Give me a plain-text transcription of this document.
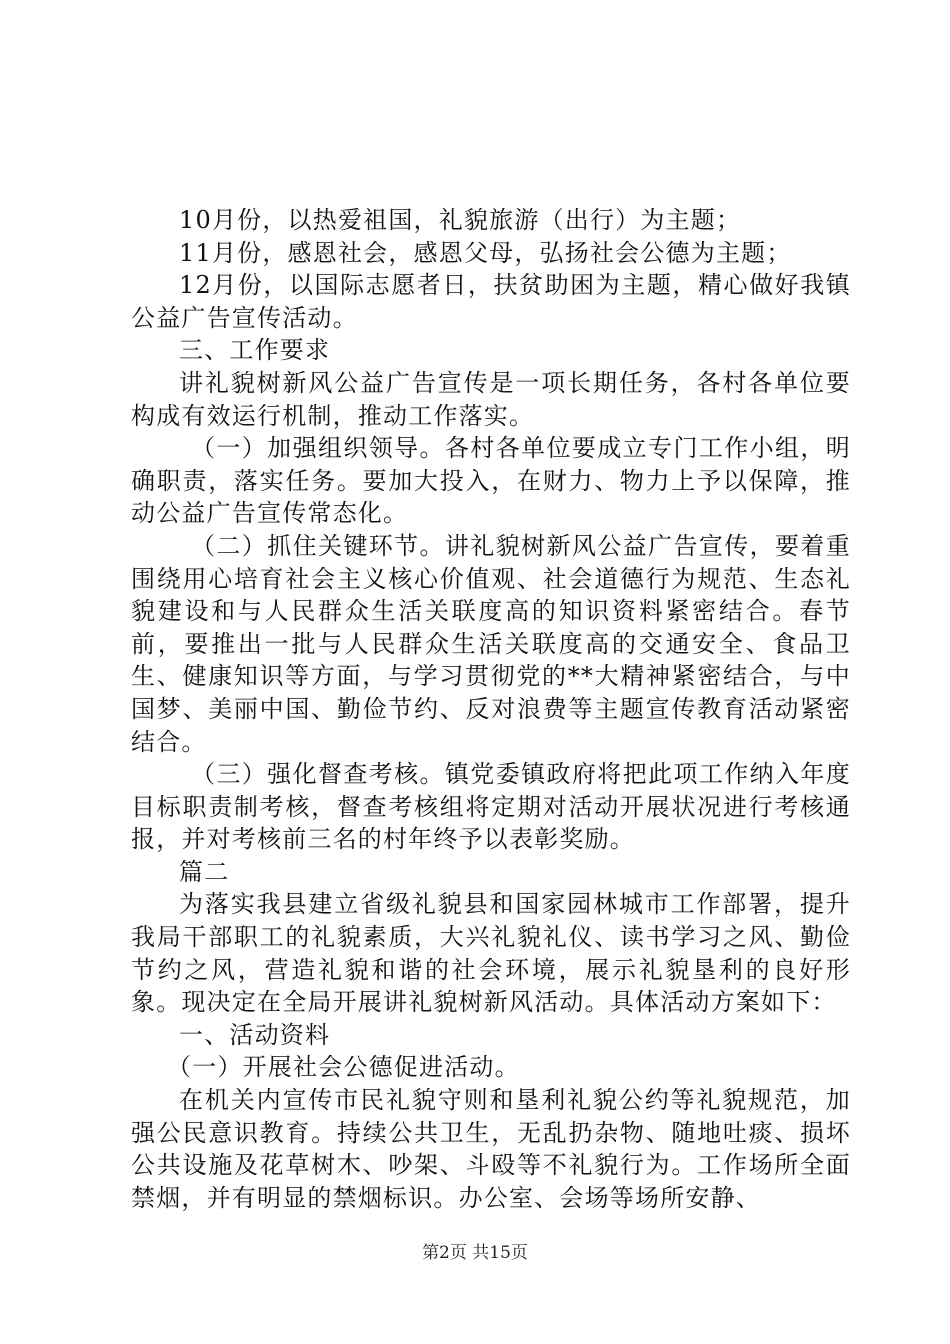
10月份，以热爱祖国，礼貌旅游（出行）为主题；

11月份，感恩社会，感恩父母，弘扬社会公德为主题；

12月份，以国际志愿者日，扶贫助困为主题，精心做好我镇公益广告宣传活动。

三、工作要求

讲礼貌树新风公益广告宣传是一项长期任务，各村各单位要构成有效运行机制，推动工作落实。

（一）加强组织领导。各村各单位要成立专门工作小组，明确职责，落实任务。要加大投入，在财力、物力上予以保障，推动公益广告宣传常态化。

（二）抓住关键环节。讲礼貌树新风公益广告宣传，要着重围绕用心培育社会主义核心价值观、社会道德行为规范、生态礼貌建设和与人民群众生活关联度高的知识资料紧密结合。春节前，要推出一批与人民群众生活关联度高的交通安全、食品卫生、健康知识等方面，与学习贯彻党的**大精神紧密结合，与中国梦、美丽中国、勤俭节约、反对浪费等主题宣传教育活动紧密结合。

（三）强化督查考核。镇党委镇政府将把此项工作纳入年度目标职责制考核，督查考核组将定期对活动开展状况进行考核通报，并对考核前三名的村年终予以表彰奖励。

篇二

为落实我县建立省级礼貌县和国家园林城市工作部署，提升我局干部职工的礼貌素质，大兴礼貌礼仪、读书学习之风、勤俭节约之风，营造礼貌和谐的社会环境，展示礼貌垦利的良好形象。现决定在全局开展讲礼貌树新风活动。具体活动方案如下：

一、活动资料

（一）开展社会公德促进活动。

在机关内宣传市民礼貌守则和垦利礼貌公约等礼貌规范，加强公民意识教育。持续公共卫生，无乱扔杂物、随地吐痰、损坏公共设施及花草树木、吵架、斗殴等不礼貌行为。工作场所全面禁烟，并有明显的禁烟标识。办公室、会场等场所安静、

第2页 共15页
